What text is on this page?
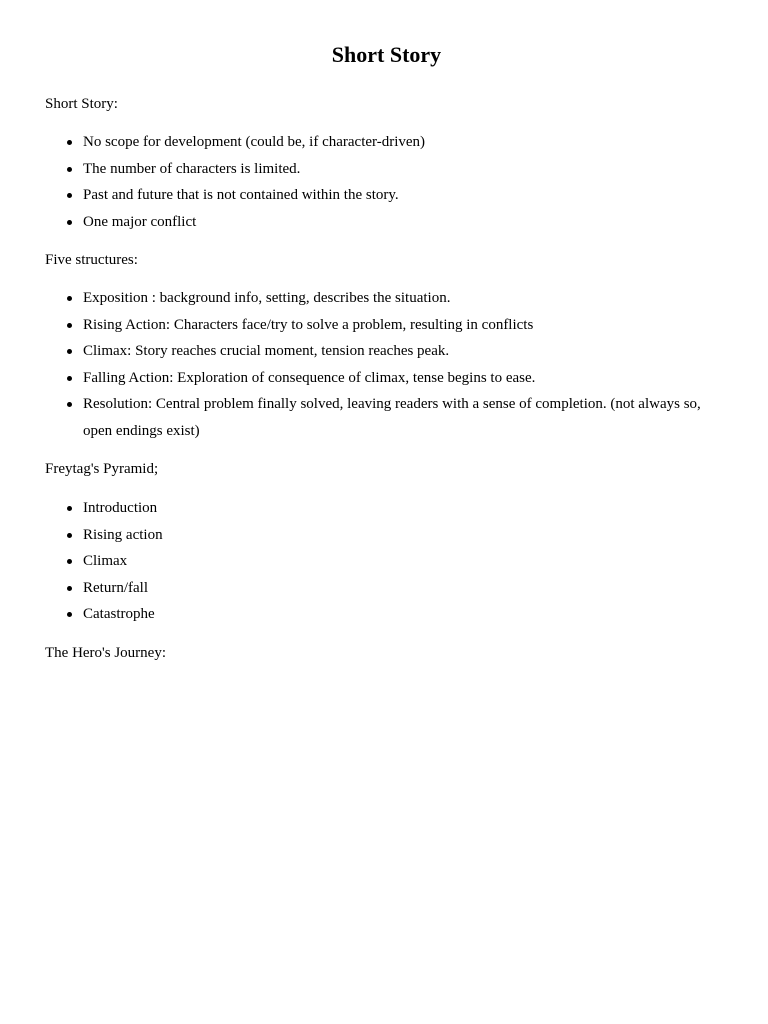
Short Story

Short Story:

No scope for development (could be, if character-driven)
The number of characters is limited.
Past and future that is not contained within the story.
One major conflict

Five structures:

Exposition : background info, setting, describes the situation.
Rising Action: Characters face/try to solve a problem, resulting in conflicts
Climax: Story reaches crucial moment, tension reaches peak.
Falling Action: Exploration of consequence of climax, tense begins to ease.
Resolution: Central problem finally solved, leaving readers with a sense of completion. (not always so, open endings exist)

Freytag's Pyramid;

Introduction
Rising action
Climax
Return/fall
Catastrophe

The Hero's Journey:
